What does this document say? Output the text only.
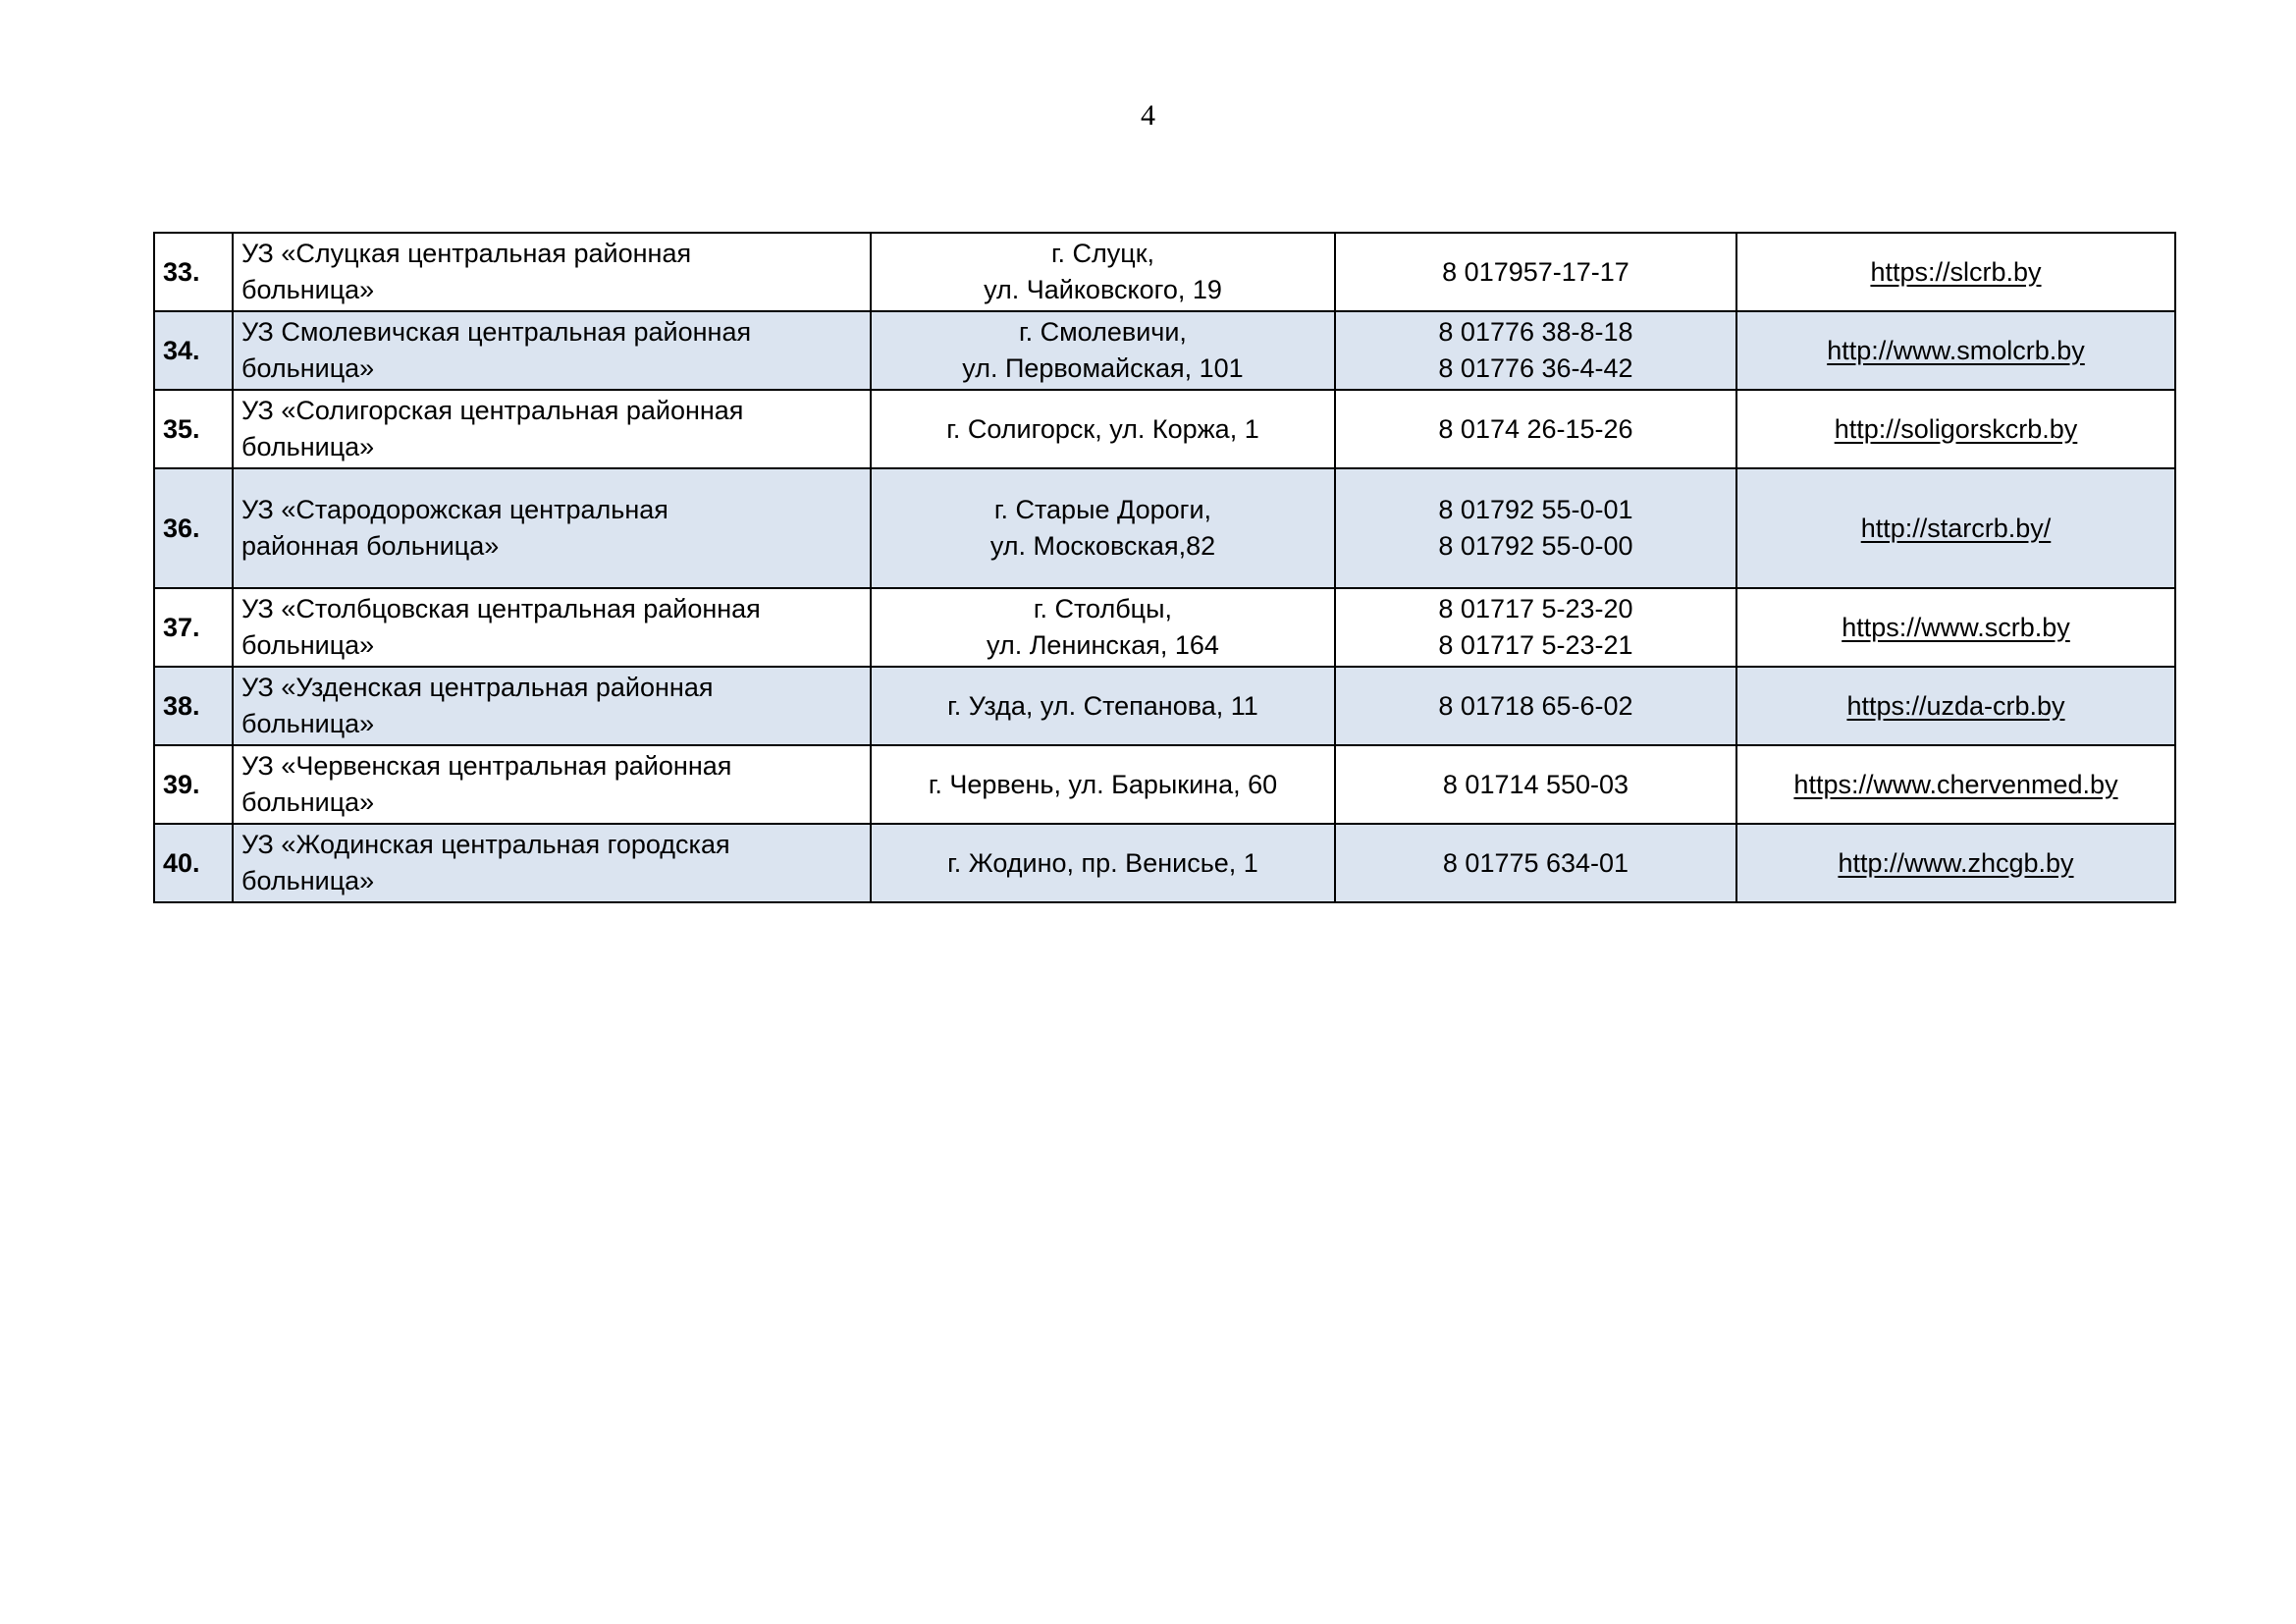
4
33.	УЗ «Слуцкая центральная районная
больница»	г. Слуцк,
ул. Чайковского, 19	8 017957-17-17	https://slcrb.by
34.	УЗ Смолевичская центральная районная
больница»	г. Смолевичи,
ул. Первомайская, 101	8 01776 38-8-18
8 01776 36-4-42	http://www.smolcrb.by
35.	УЗ «Солигорская центральная районная
больница»	г. Солигорск, ул. Коржа, 1	8 0174 26-15-26	http://soligorskcrb.by
36.	УЗ «Стародорожская центральная
районная больница»	г. Старые Дороги,
ул. Московская,82	8 01792 55-0-01
8 01792 55-0-00	http://starcrb.by/
37.	УЗ «Столбцовская центральная районная
больница»	г. Столбцы,
ул. Ленинская, 164	8 01717 5-23-20
8 01717 5-23-21	https://www.scrb.by
38.	УЗ «Узденская центральная районная
больница»	г. Узда, ул. Степанова, 11	8 01718 65-6-02	https://uzda-crb.by
39.	УЗ «Червенская центральная районная
больница»	г. Червень, ул. Барыкина, 60	8 01714 550-03	https://www.chervenmed.by
40.	УЗ «Жодинская центральная городская
больница»	г. Жодино, пр. Венисье, 1	8 01775 634-01	http://www.zhcgb.by
